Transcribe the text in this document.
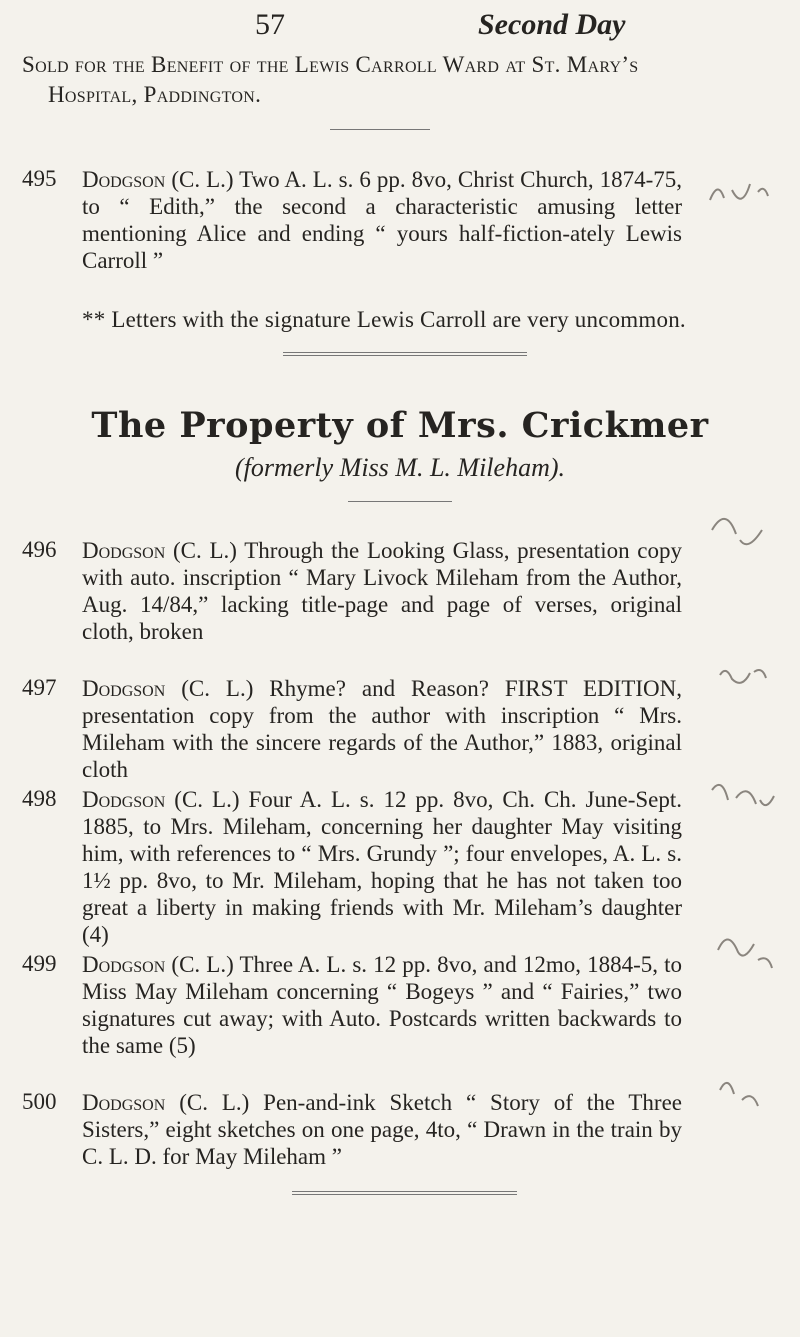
57	Second Day
Sold for the Benefit of the Lewis Carroll Ward at St. Mary’s
Hospital, Paddington.
495 Dodgson (C. L.) Two A. L. s. 6 pp. 8vo, Christ Church, 1874-75, to “ Edith,” the second a characteristic amusing letter mentioning Alice and ending “ yours half-fiction-ately Lewis Carroll ”
** Letters with the signature Lewis Carroll are very uncommon.
The Property of Mrs. Crickmer
(formerly Miss M. L. Mileham).
496 Dodgson (C. L.) Through the Looking Glass, presentation copy with auto. inscription “ Mary Livock Mileham from the Author, Aug. 14/84,” lacking title-page and page of verses, original cloth, broken
497 Dodgson (C. L.) Rhyme? and Reason? FIRST EDITION, presentation copy from the author with inscription “ Mrs. Mileham with the sincere regards of the Author,” 1883, original cloth
498 Dodgson (C. L.) Four A. L. s. 12 pp. 8vo, Ch. Ch. June-Sept. 1885, to Mrs. Mileham, concerning her daughter May visiting him, with references to “ Mrs. Grundy ”; four envelopes, A. L. s. 1½ pp. 8vo, to Mr. Mileham, hoping that he has not taken too great a liberty in making friends with Mr. Mileham’s daughter (4)
499 Dodgson (C. L.) Three A. L. s. 12 pp. 8vo, and 12mo, 1884-5, to Miss May Mileham concerning “ Bogeys ” and “ Fairies,” two signatures cut away; with Auto. Postcards written backwards to the same (5)
500 Dodgson (C. L.) Pen-and-ink Sketch “ Story of the Three Sisters,” eight sketches on one page, 4to, “ Drawn in the train by C. L. D. for May Mileham ”
